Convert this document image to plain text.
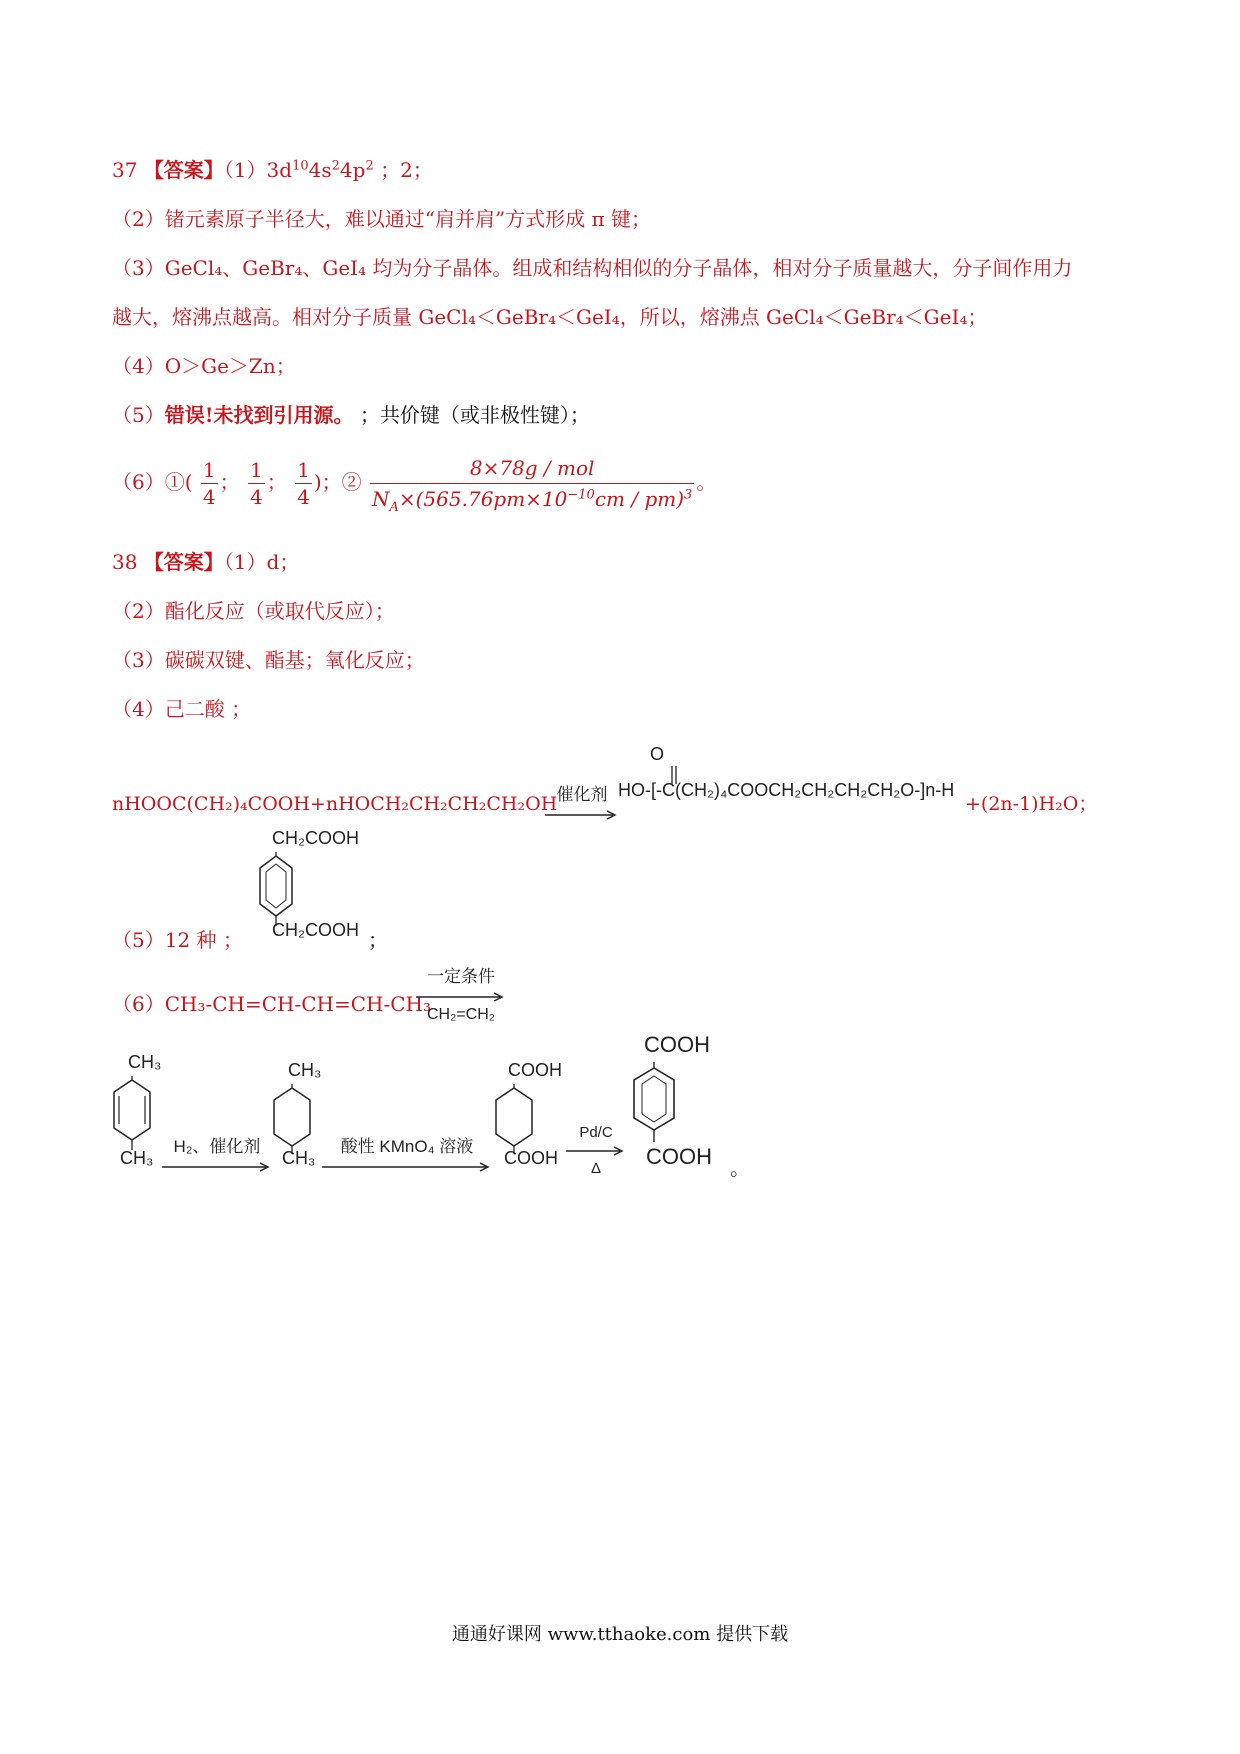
37 【答案】$(1)3d^{10}4s^24p^2$ ；2；
（2）锗元素原子半径大，难以通过“肩并肩”方式形成 π 键；
（3）GeCl₄、GeBr₄、GeI₄ 均为分子晶体。组成和结构相似的分子晶体，相对分子质量越大，分子间作用力
越大，熔沸点越高。相对分子质量 GeCl₄＜GeBr₄＜GeI₄，所以，熔沸点 GeCl₄＜GeBr₄＜GeI₄；
（4）O＞Ge＞Zn；
（5）错误!未找到引用源。 ；共价键（或非极性键）；
（6）①( $\frac{1}{4}$ ； $\frac{1}{4}$ ； $\frac{1}{4}$ )；② $\frac{\text{8×78g / mol}}{N_A\times(565.76pm\times 10^{-10}cm / pm)^3}$ 。
38 【答案】（1）d；
（2）酯化反应（或取代反应）；
（3）碳碳双键、酯基；氧化反应；
（4）己二酸 ；
nHOOC(CH₂)₄COOH+nHOCH₂CH₂CH₂CH₂OH 催化剂
O
HO-[-C(CH₂)₄COOCH₂CH₂CH₂CH₂O-]n-H
+(2n-1)H₂O；
CH₂COOH
（5）12 种 ； CH₂COOH ；
（6）CH₃-CH=CH-CH=CH-CH₃
一定条件
CH₂=CH₂
CH₃
CH₃
H₂、催化剂
CH₃
CH₃
酸性 KMnO₄ 溶液
COOH
COOH
Pd/C
Δ
COOH
COOH 。
通通好课网 www.tthaoke.com 提供下载
